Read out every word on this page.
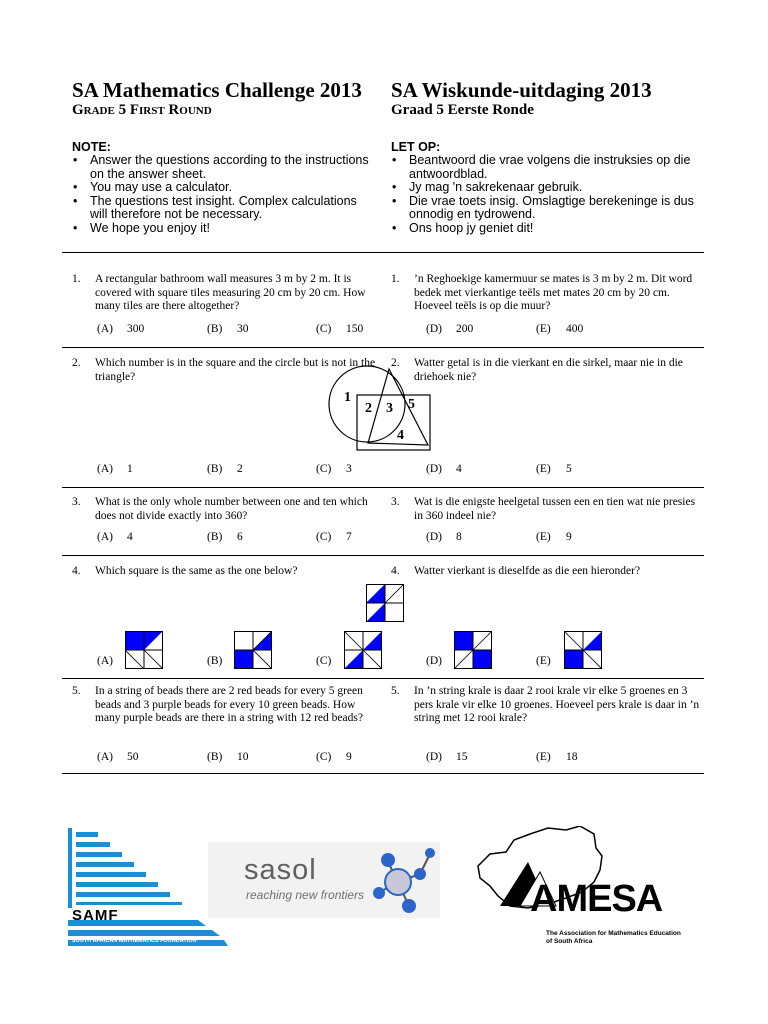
SA Mathematics Challenge 2013
Grade 5 First Round
SA Wiskunde-uitdaging 2013
Graad 5 Eerste Ronde
NOTE:
• Answer the questions according to the instructions on the answer sheet.
• You may use a calculator.
• The questions test insight. Complex calculations will therefore not be necessary.
• We hope you enjoy it!
LET OP:
• Beantwoord die vrae volgens die instruksies op die antwoordblad.
• Jy mag 'n sakrekenaar gebruik.
• Die vrae toets insig. Omslagtige berekeninge is dus onnodig en tydrowend.
• Ons hoop jy geniet dit!
1. A rectangular bathroom wall measures 3 m by 2 m. It is covered with square tiles measuring 20 cm by 20 cm. How many tiles are there altogether?
1. ’n Reghoekige kamermuur se mates is 3 m by 2 m. Dit word bedek met vierkantige teëls met mates 20 cm by 20 cm. Hoeveel teëls is op die muur?
(A) 300	(B) 30	(C) 150	(D) 200	(E) 400
2. Which number is in the square and the circle but is not in the triangle?
2. Watter getal is in die vierkant en die sirkel, maar nie in die driehoek nie?
1
2 3 5
4
(A) 1	(B) 2	(C) 3	(D) 4	(E) 5
3. What is the only whole number between one and ten which does not divide exactly into 360?
3. Wat is die enigste heelgetal tussen een en tien wat nie presies in 360 indeel nie?
(A) 4	(B) 6	(C) 7	(D) 8	(E) 9
4. Which square is the same as the one below?	4. Watter vierkant is dieselfde as die een hieronder?
(A)	(B)	(C)	(D)	(E)
5. In a string of beads there are 2 red beads for every 5 green beads and 3 purple beads for every 10 green beads. How many purple beads are there in a string with 12 red beads?
5. In ’n string krale is daar 2 rooi krale vir elke 5 groenes en 3 pers krale vir elke 10 groenes. Hoeveel pers krale is daar in ’n string met 12 rooi krale?
(A) 50	(B) 10	(C) 9	(D) 15	(E) 18
SAMF
SOUTH AFRICAN MATHEMATICS FOUNDATION
sasol
reaching new frontiers	AMESA
The Association for Mathematics Education
of South Africa
